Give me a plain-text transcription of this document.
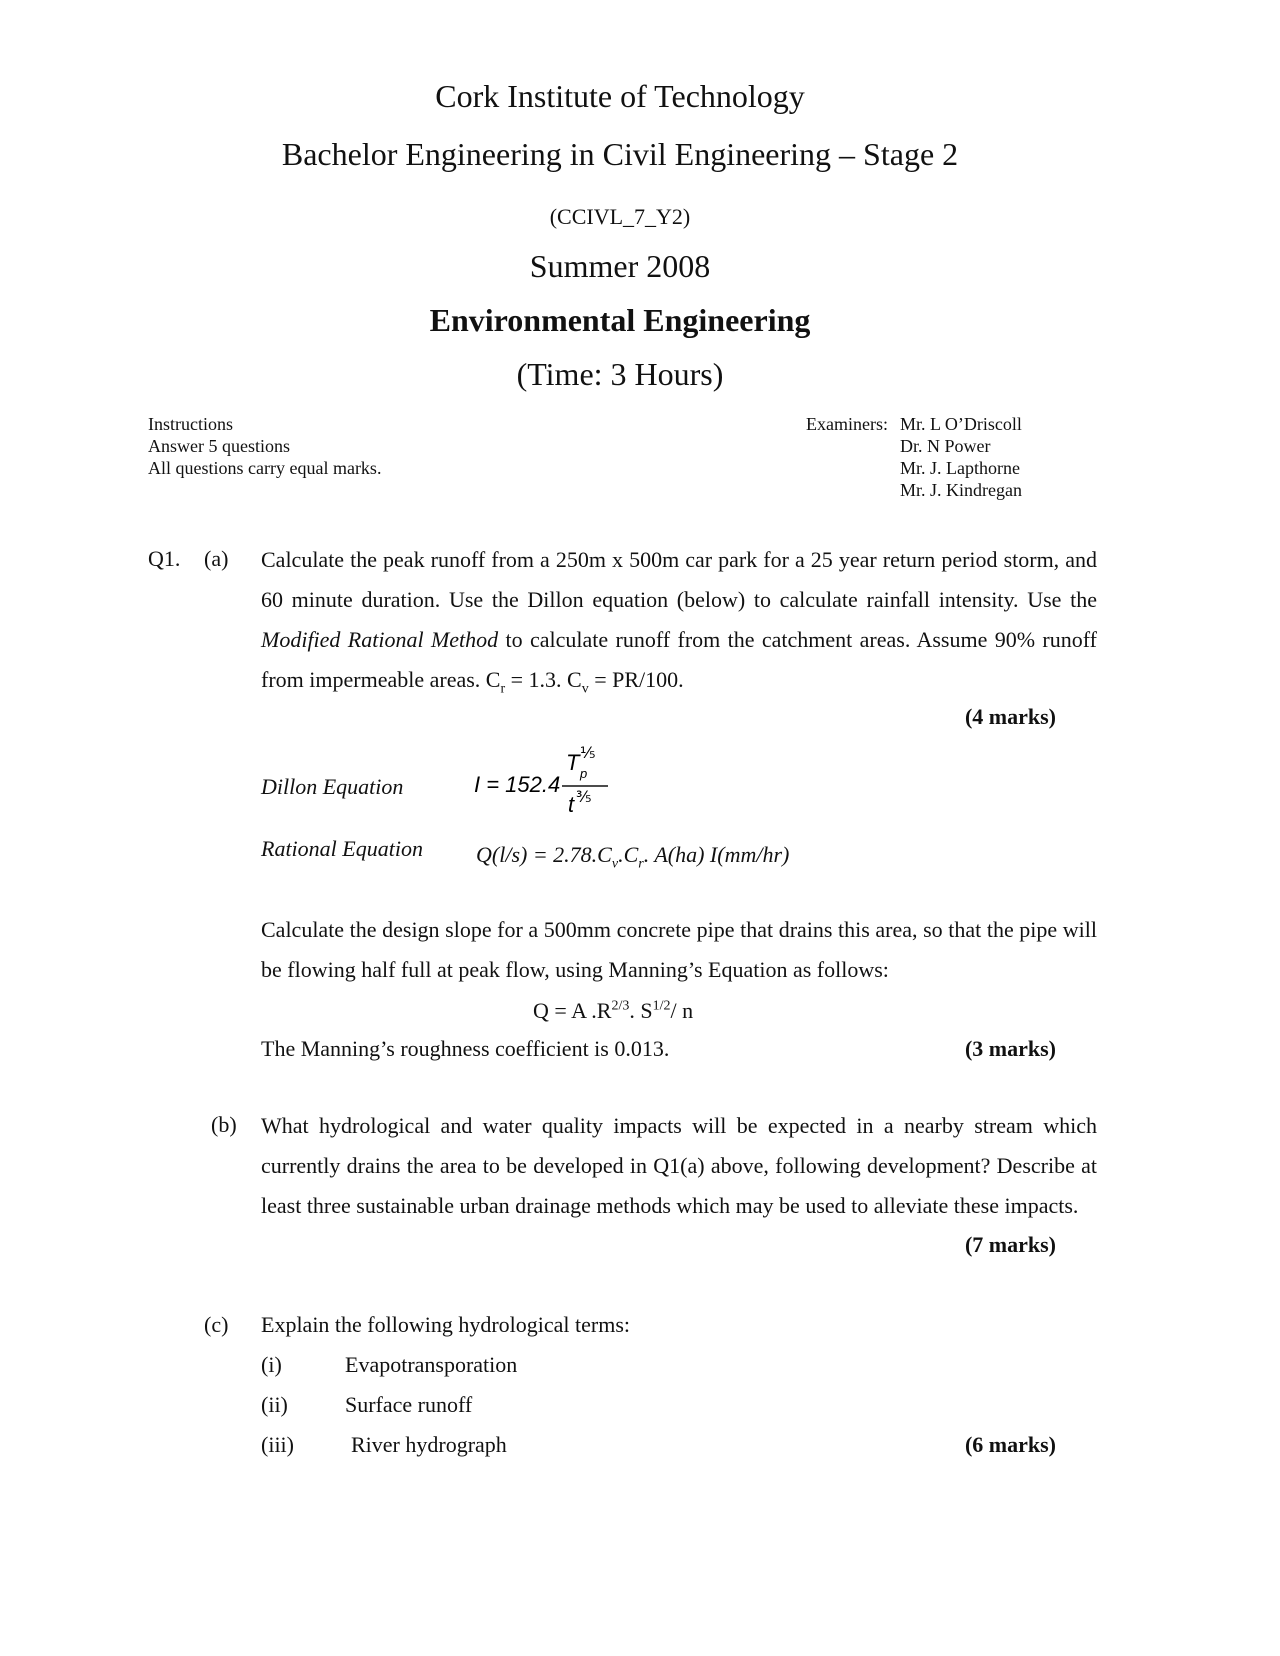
Cork Institute of Technology
Bachelor Engineering in Civil Engineering – Stage 2
(CCIVL_7_Y2)
Summer 2008
Environmental Engineering
(Time: 3 Hours)
Instructions
Answer 5 questions
All questions carry equal marks.
Examiners: Mr. L O’Driscoll
Dr. N Power
Mr. J. Lapthorne
Mr. J. Kindregan
Q1. (a) Calculate the peak runoff from a 250m x 500m car park for a 25 year return period storm, and 60 minute duration. Use the Dillon equation (below) to calculate rainfall intensity. Use the Modified Rational Method to calculate runoff from the catchment areas. Assume 90% runoff from impermeable areas. $C_r = 1.3$. $C_v = PR/100$.
(4 marks)
Dillon Equation	I = 152.4
T p
⅕
t ⅗
Rational Equation $Q(l/s) = 2.78.C_v.C_r$. A(ha) I(mm/hr)
Calculate the design slope for a 500mm concrete pipe that drains this area, so that the pipe will be flowing half full at peak flow, using Manning’s Equation as follows:
Q = A $.R^{2/3}$. $S^{1/2}/$ n
The Manning’s roughness coefficient is 0.013.	(3 marks)
(b) What hydrological and water quality impacts will be expected in a nearby stream which currently drains the area to be developed in Q1(a) above, following development? Describe at least three sustainable urban drainage methods which may be used to alleviate these impacts.
(7 marks)
(c) Explain the following hydrological terms:
(i)	Evapotransporation
(ii)	Surface runoff
(iii)	River hydrograph	(6 marks)
